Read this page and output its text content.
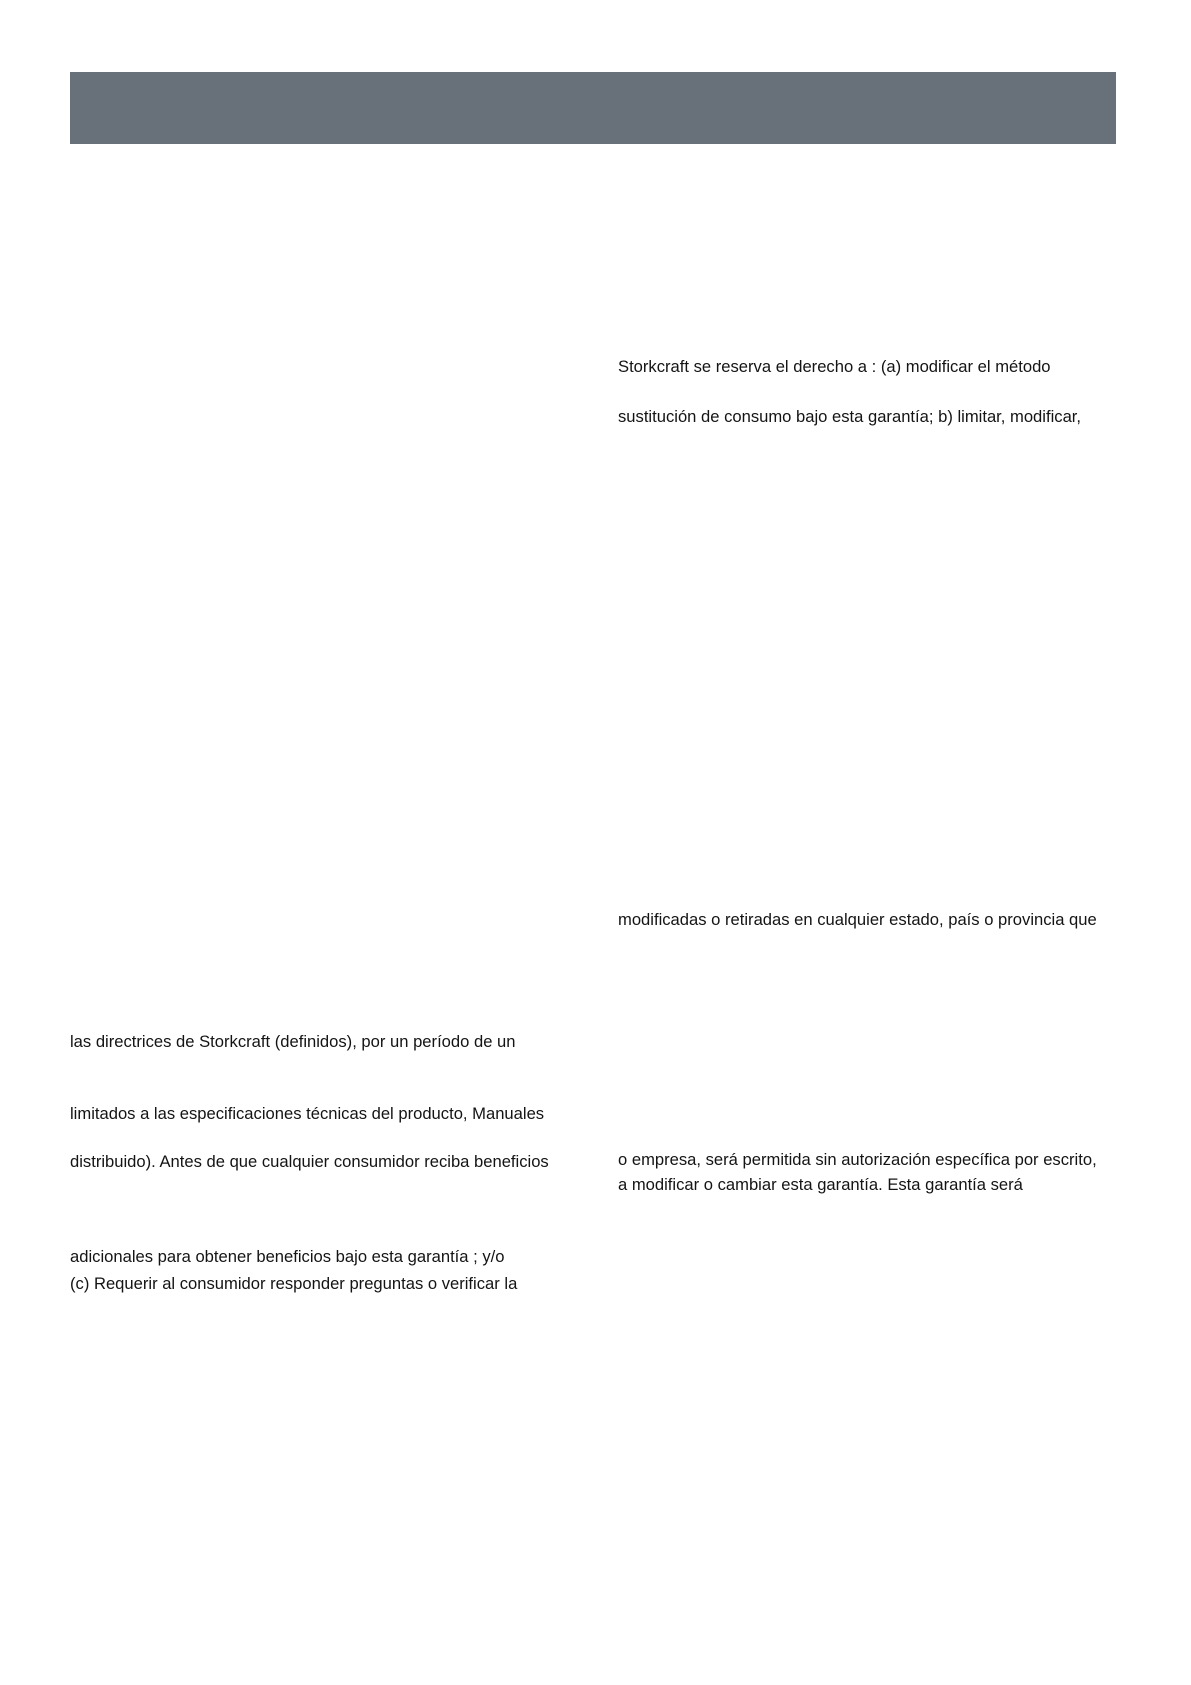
Storkcraft se reserva el derecho a : (a) modificar el método

sustitución de consumo bajo esta garantía; b) limitar, modificar,

modificadas o retiradas en cualquier estado, país o provincia que

o empresa, será permitida sin autorización específica por escrito,

a modificar o cambiar esta garantía. Esta garantía será

las directrices de Storkcraft (definidos), por un período de un

limitados a las especificaciones técnicas del producto, Manuales

distribuido). Antes de que cualquier consumidor reciba beneficios

adicionales para obtener beneficios bajo esta garantía ; y/o

(c) Requerir al consumidor responder preguntas o verificar la
